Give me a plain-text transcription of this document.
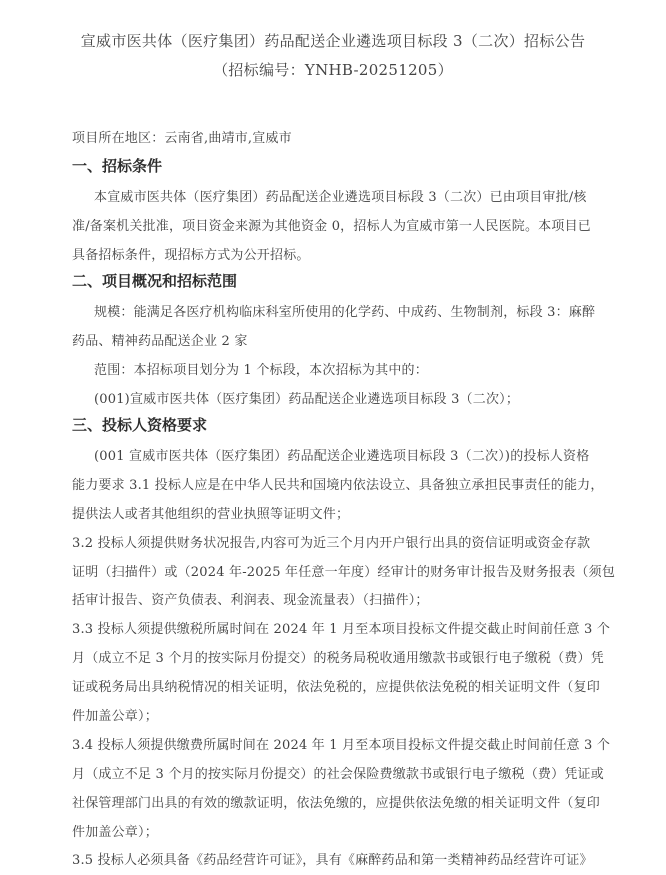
宣威市医共体（医疗集团）药品配送企业遴选项目标段 3（二次）招标公告
（招标编号：YNHB-20251205）
项目所在地区：云南省,曲靖市,宣威市
一、招标条件
本宣威市医共体（医疗集团）药品配送企业遴选项目标段 3（二次）已由项目审批/核
准/备案机关批准，项目资金来源为其他资金 0，招标人为宣威市第一人民医院。本项目已
具备招标条件，现招标方式为公开招标。
二、项目概况和招标范围
规模：能满足各医疗机构临床科室所使用的化学药、中成药、生物制剂，标段 3：麻醉
药品、精神药品配送企业 2 家
范围：本招标项目划分为 1 个标段，本次招标为其中的：
(001)宣威市医共体（医疗集团）药品配送企业遴选项目标段 3（二次）；
三、投标人资格要求
(001 宣威市医共体（医疗集团）药品配送企业遴选项目标段 3（二次）)的投标人资格
能力要求 3.1 投标人应是在中华人民共和国境内依法设立、具备独立承担民事责任的能力，
提供法人或者其他组织的营业执照等证明文件；
3.2 投标人须提供财务状况报告,内容可为近三个月内开户银行出具的资信证明或资金存款
证明（扫描件）或（2024 年-2025 年任意一年度）经审计的财务审计报告及财务报表（须包
括审计报告、资产负债表、利润表、现金流量表）（扫描件）；
3.3 投标人须提供缴税所属时间在 2024 年 1 月至本项目投标文件提交截止时间前任意 3 个
月（成立不足 3 个月的按实际月份提交）的税务局税收通用缴款书或银行电子缴税（费）凭
证或税务局出具纳税情况的相关证明，依法免税的，应提供依法免税的相关证明文件（复印
件加盖公章）；
3.4 投标人须提供缴费所属时间在 2024 年 1 月至本项目投标文件提交截止时间前任意 3 个
月（成立不足 3 个月的按实际月份提交）的社会保险费缴款书或银行电子缴税（费）凭证或
社保管理部门出具的有效的缴款证明，依法免缴的，应提供依法免缴的相关证明文件（复印
件加盖公章）；
3.5 投标人必须具备《药品经营许可证》，具有《麻醉药品和第一类精神药品经营许可证》
